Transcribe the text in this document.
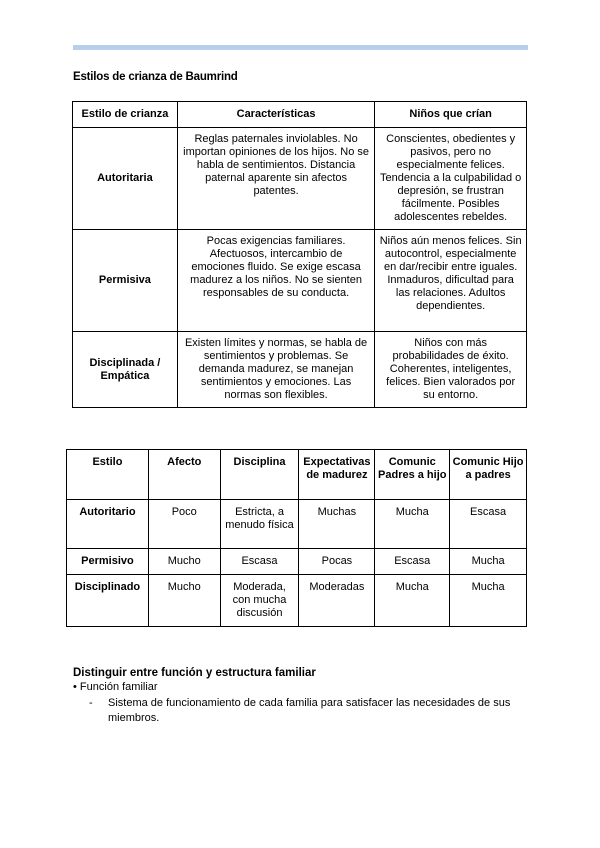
Estilos de crianza de Baumrind
Estilo de crianza	Características	Niños que crían
Autoritaria	Reglas paternales inviolables. No importan opiniones de los hijos. No se habla de sentimientos. Distancia paternal aparente sin afectos patentes.	Conscientes, obedientes y pasivos, pero no especialmente felices. Tendencia a la culpabilidad o depresión, se frustran fácilmente. Posibles adolescentes rebeldes.
Permisiva	Pocas exigencias familiares. Afectuosos, intercambio de emociones fluido. Se exige escasa madurez a los niños. No se sienten responsables de su conducta.	Niños aún menos felices. Sin autocontrol, especialmente en dar/recibir entre iguales. Inmaduros, dificultad para las relaciones. Adultos dependientes.
Disciplinada / Empática	Existen límites y normas, se habla de sentimientos y problemas. Se demanda madurez, se manejan sentimientos y emociones. Las normas son flexibles.	Niños con más probabilidades de éxito. Coherentes, inteligentes, felices. Bien valorados por su entorno.
Estilo	Afecto	Disciplina	Expectativas de madurez	Comunic Padres a hijo	Comunic Hijo a padres
Autoritario	Poco	Estricta, a menudo física	Muchas	Mucha	Escasa
Permisivo	Mucho	Escasa	Pocas	Escasa	Mucha
Disciplinado	Mucho	Moderada, con mucha discusión	Moderadas	Mucha	Mucha
Distinguir entre función y estructura familiar
• Función familiar
- Sistema de funcionamiento de cada familia para satisfacer las necesidades de sus miembros.
